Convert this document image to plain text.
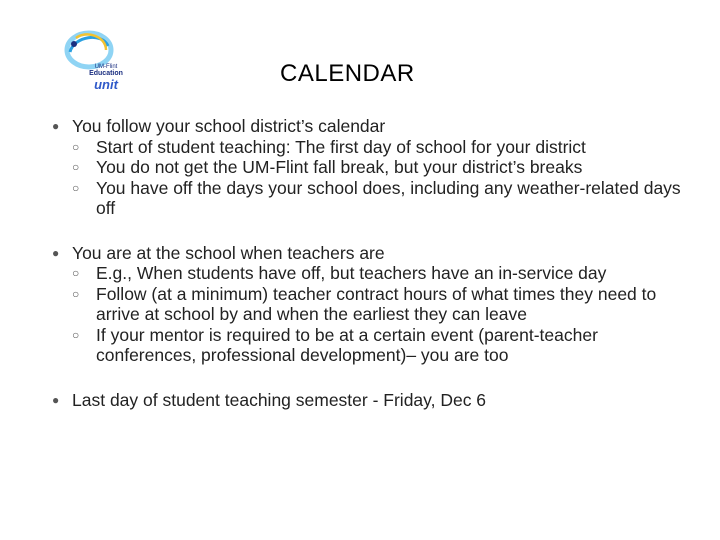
UM-Flint
Education
unit	CALENDAR
● You follow your school district’s calendar
○ Start of student teaching: The first day of school for your district
○ You do not get the UM-Flint fall break, but your district’s breaks
○ You have off the days your school does, including any weather-related days off
● You are at the school when teachers are
○ E.g., When students have off, but teachers have an in-service day
○ Follow (at a minimum) teacher contract hours of what times they need to arrive at school by and when the earliest they can leave
○ If your mentor is required to be at a certain event (parent-teacher conferences, professional development)– you are too
● Last day of student teaching semester - Friday, Dec 6
